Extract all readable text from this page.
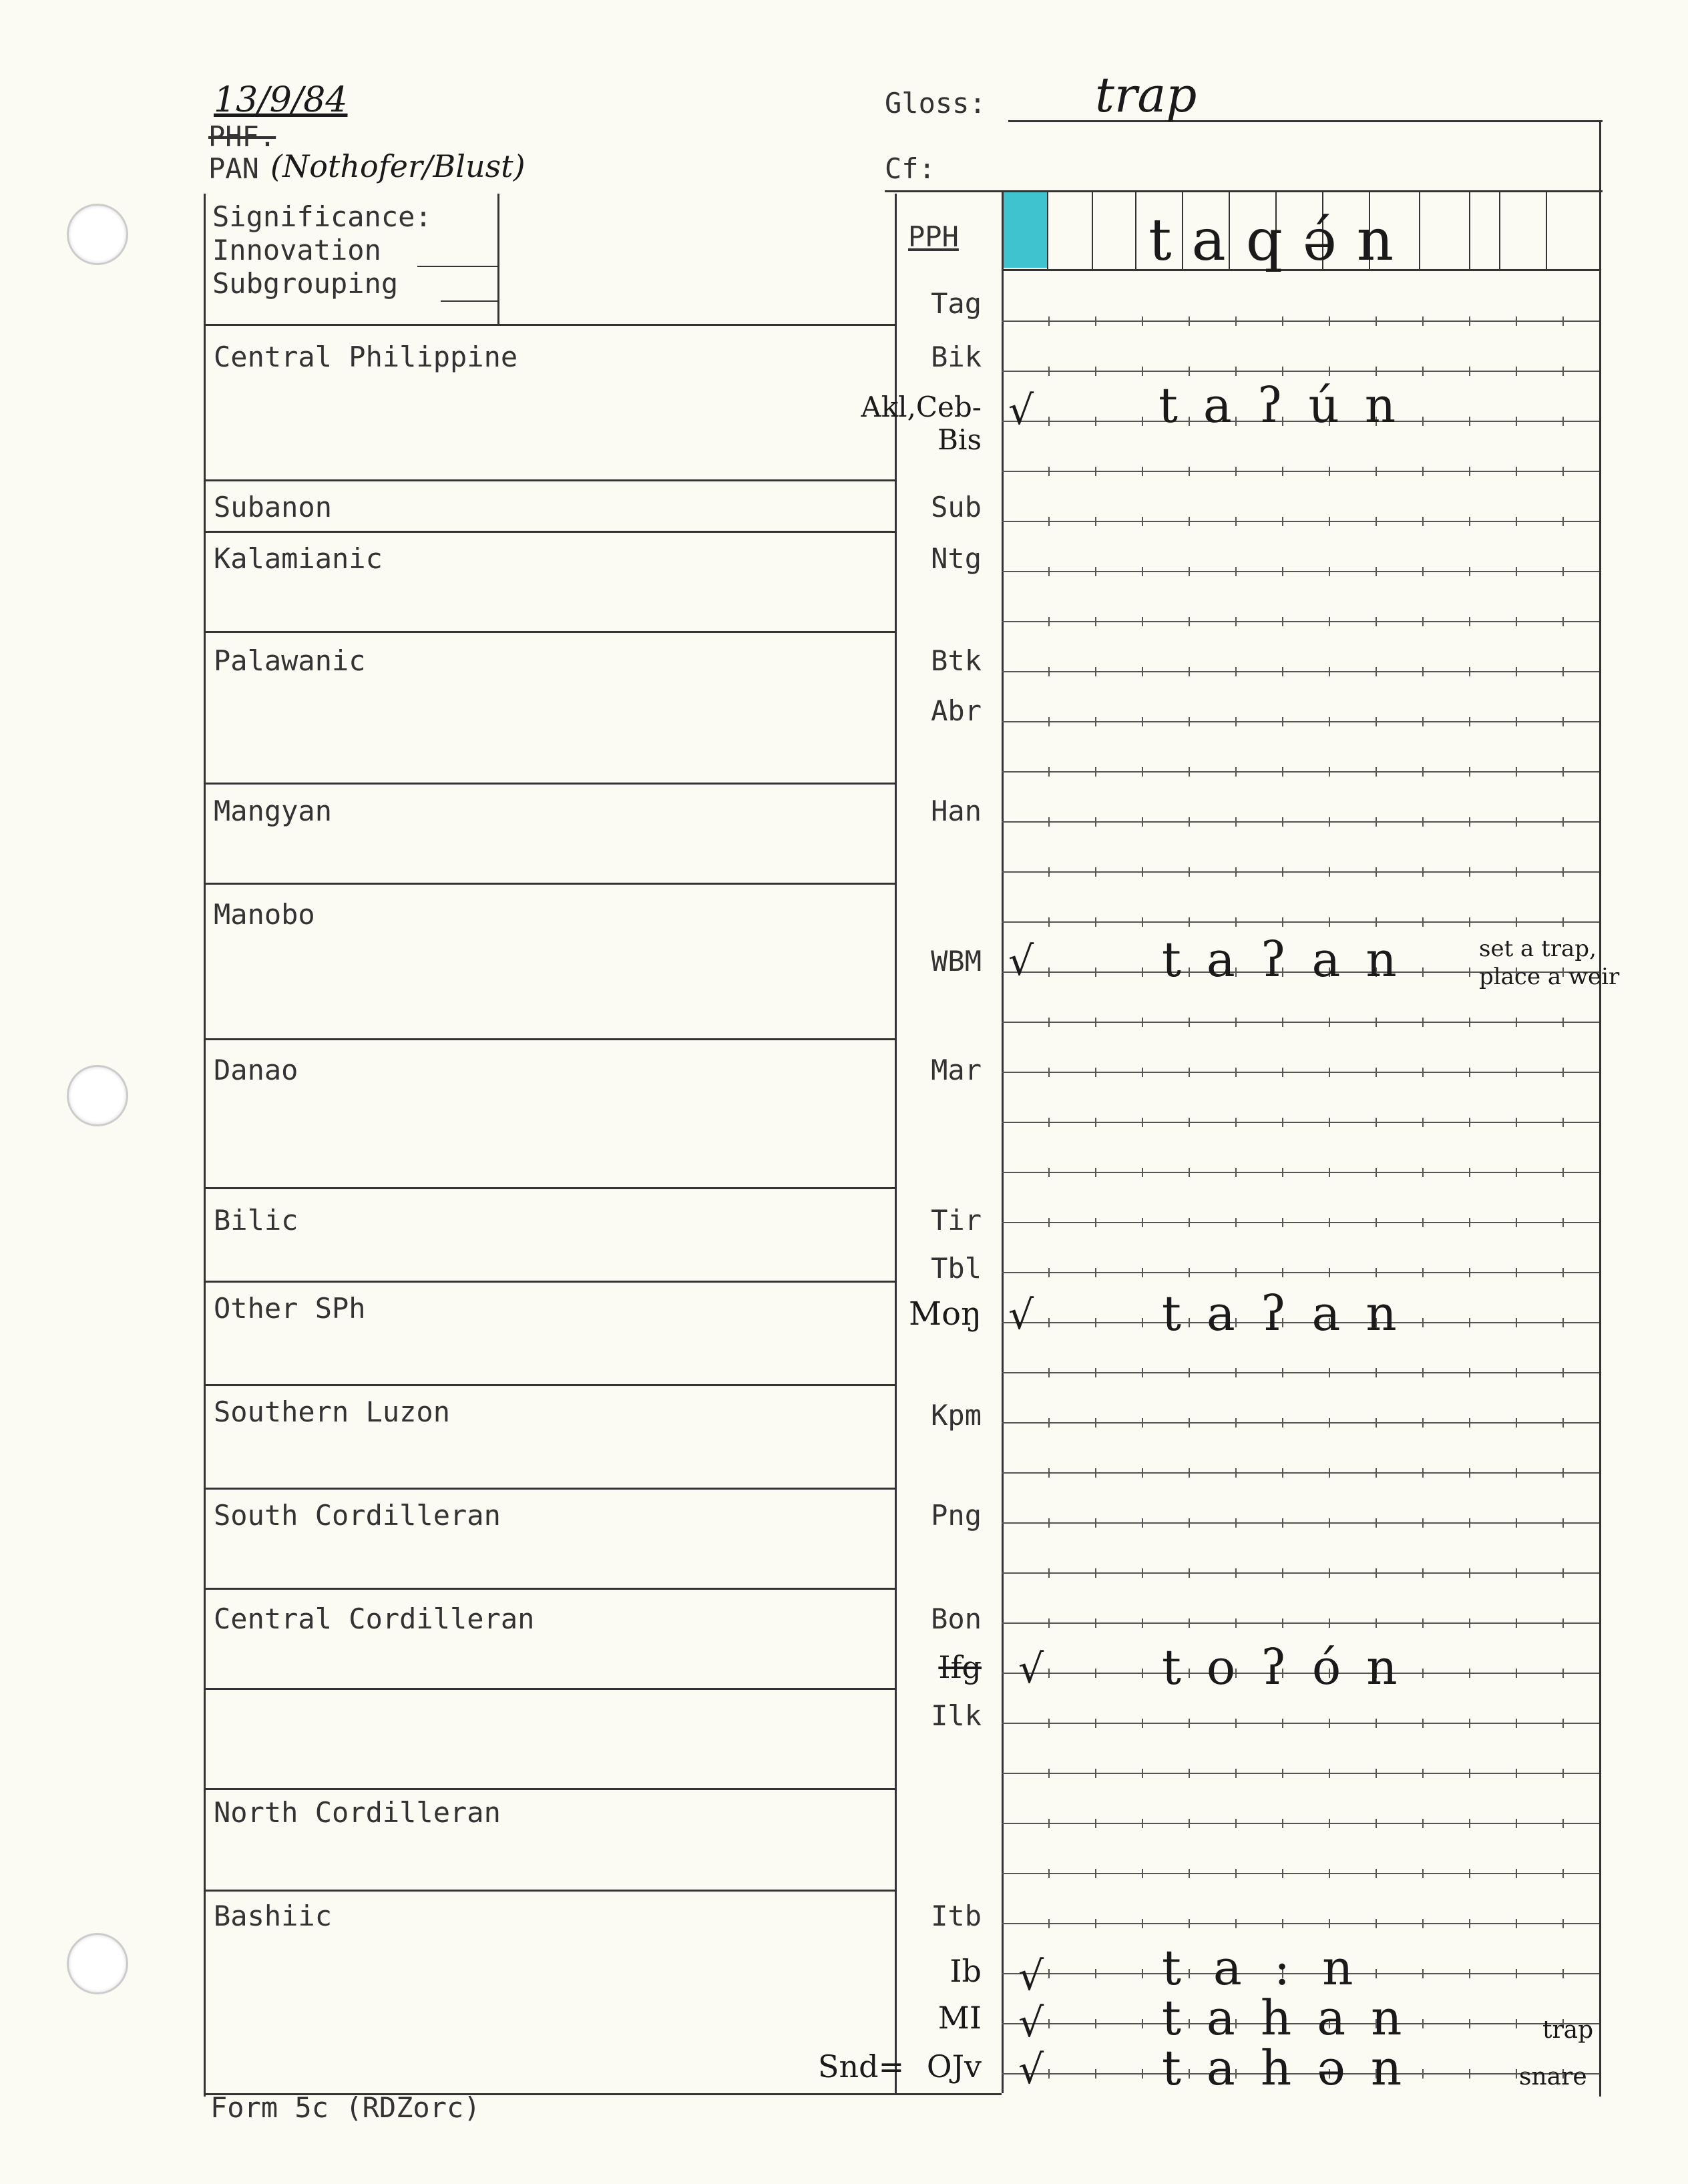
13/9/84
PHF.
PAN (Nothofer/Blust)
Gloss: trap
Cf:
Significance:
Innovation
Subgrouping
PPH	taqə́n
Central Philippine
Subanon
Kalamianic
Palawanic
Mangyan
Manobo
Danao
Bilic
Other SPh
Southern Luzon
South Cordilleran
Central Cordilleran
North Cordilleran
Bashiic
Tag
Bik
Akl,Ceb-Bis
Sub
Ntg
Btk
Abr
Han
WBM
Mar
Tir
Tbl
Moŋ
Kpm
Png
Bon
Ifg
Ilk
Itb
Ib
MI
Snd= OJv
√
√
√
√
√
√
√
taʔún
taʔan
taʔan
toʔón
ta:n
tahan
tahən
set a trap, place a weir
trap
snare
Form 5c (RDZorc)
